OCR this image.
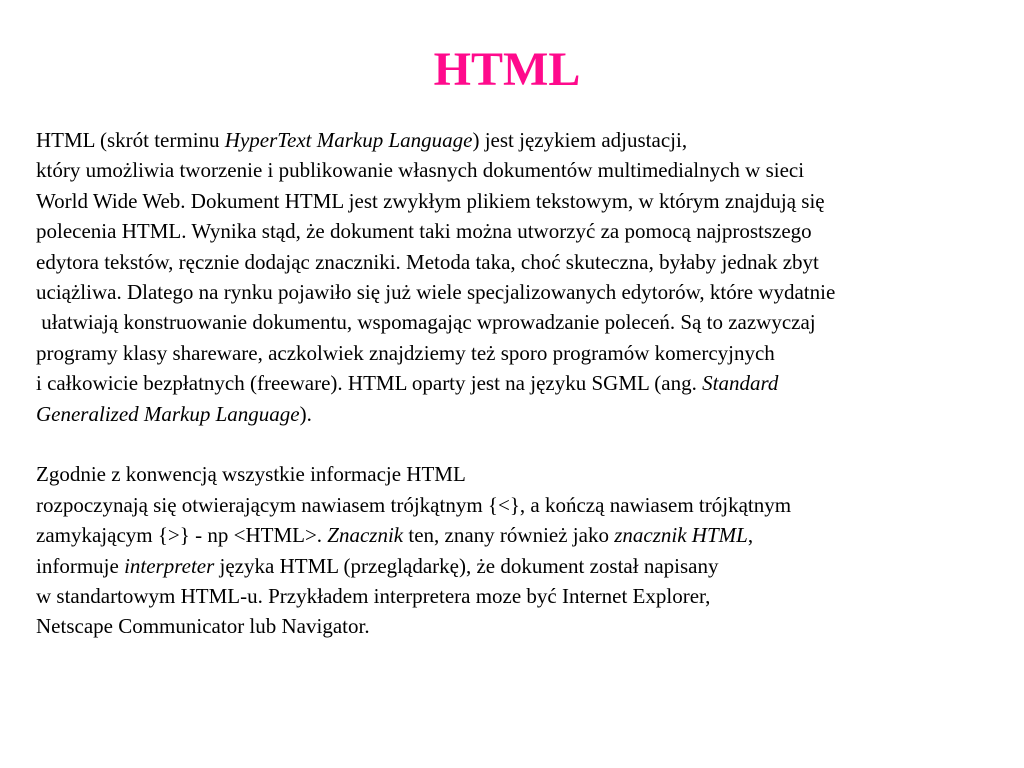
HTML
HTML (skrót terminu HyperText Markup Language) jest językiem adjustacji,
który umożliwia tworzenie i publikowanie własnych dokumentów multimedialnych w sieci
World Wide Web. Dokument HTML jest zwykłym plikiem tekstowym, w którym znajdują się
polecenia HTML. Wynika stąd, że dokument taki można utworzyć za pomocą najprostszego
edytora tekstów, ręcznie dodając znaczniki. Metoda taka, choć skuteczna, byłaby jednak zbyt
uciążliwa. Dlatego na rynku pojawiło się już wiele specjalizowanych edytorów, które wydatnie
ułatwiają konstruowanie dokumentu, wspomagając wprowadzanie poleceń. Są to zazwyczaj
programy klasy shareware, aczkolwiek znajdziemy też sporo programów komercyjnych
i całkowicie bezpłatnych (freeware). HTML oparty jest na języku SGML (ang. Standard
Generalized Markup Language).
Zgodnie z konwencją wszystkie informacje HTML
rozpoczynają się otwierającym nawiasem trójkątnym {<}, a kończą nawiasem trójkątnym
zamykającym {>} - np <HTML>. Znacznik ten, znany również jako znacznik HTML,
informuje interpreter języka HTML (przeglądarkę), że dokument został napisany
w standartowym HTML-u. Przykładem interpretera moze być Internet Explorer,
Netscape Communicator lub Navigator.
